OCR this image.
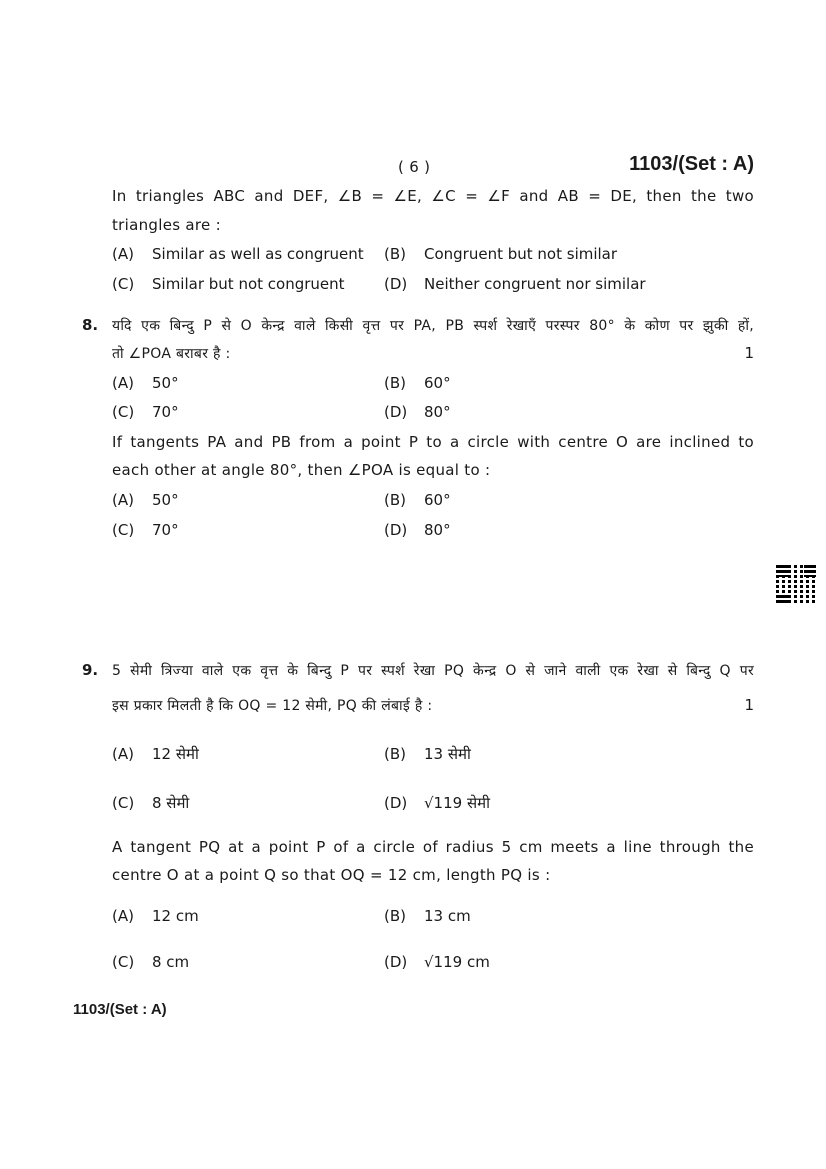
( 6 )	1103/(Set : A)
In triangles ABC and DEF, ∠B = ∠E, ∠C = ∠F and AB = DE, then the two
triangles are :
(A) Similar as well as congruent (B) Congruent but not similar
(C) Similar but not congruent	(D) Neither congruent nor similar
8. यदि एक बिन्दु P से O केन्द्र वाले किसी वृत्त पर PA, PB स्पर्श रेखाएँ परस्पर 80° के कोण पर झुकी हों,
तो ∠POA बराबर है :	1
(A) 50°	(B) 60°
(C) 70°	(D) 80°
If tangents PA and PB from a point P to a circle with centre O are inclined to
each other at angle 80°, then ∠POA is equal to :
(A) 50°	(B) 60°
(C) 70°	(D) 80°
9. 5 सेमी त्रिज्या वाले एक वृत्त के बिन्दु P पर स्पर्श रेखा PQ केन्द्र O से जाने वाली एक रेखा से बिन्दु Q पर
इस प्रकार मिलती है कि OQ = 12 सेमी, PQ की लंबाई है :	1
(A) 12 सेमी	(B) 13 सेमी
(C) 8 सेमी	(D) √119 सेमी
A tangent PQ at a point P of a circle of radius 5 cm meets a line through the
centre O at a point Q so that OQ = 12 cm, length PQ is :
(A) 12 cm	(B) 13 cm
(C) 8 cm	(D) √119 cm
1103/(Set : A)
